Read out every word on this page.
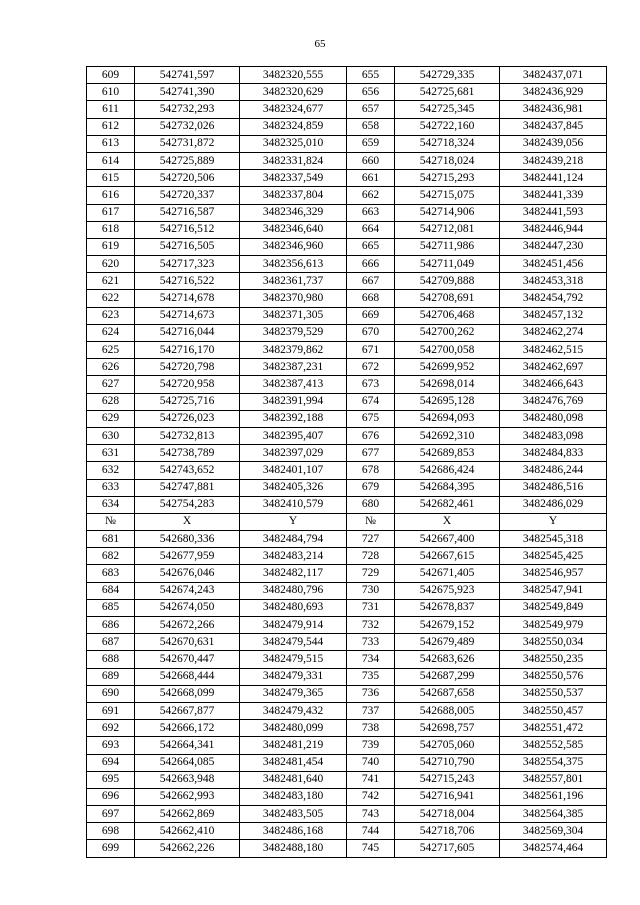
65
609	542741,597	3482320,555	655	542729,335	3482437,071
610	542741,390	3482320,629	656	542725,681	3482436,929
611	542732,293	3482324,677	657	542725,345	3482436,981
612	542732,026	3482324,859	658	542722,160	3482437,845
613	542731,872	3482325,010	659	542718,324	3482439,056
614	542725,889	3482331,824	660	542718,024	3482439,218
615	542720,506	3482337,549	661	542715,293	3482441,124
616	542720,337	3482337,804	662	542715,075	3482441,339
617	542716,587	3482346,329	663	542714,906	3482441,593
618	542716,512	3482346,640	664	542712,081	3482446,944
619	542716,505	3482346,960	665	542711,986	3482447,230
620	542717,323	3482356,613	666	542711,049	3482451,456
621	542716,522	3482361,737	667	542709,888	3482453,318
622	542714,678	3482370,980	668	542708,691	3482454,792
623	542714,673	3482371,305	669	542706,468	3482457,132
624	542716,044	3482379,529	670	542700,262	3482462,274
625	542716,170	3482379,862	671	542700,058	3482462,515
626	542720,798	3482387,231	672	542699,952	3482462,697
627	542720,958	3482387,413	673	542698,014	3482466,643
628	542725,716	3482391,994	674	542695,128	3482476,769
629	542726,023	3482392,188	675	542694,093	3482480,098
630	542732,813	3482395,407	676	542692,310	3482483,098
631	542738,789	3482397,029	677	542689,853	3482484,833
632	542743,652	3482401,107	678	542686,424	3482486,244
633	542747,881	3482405,326	679	542684,395	3482486,516
634	542754,283	3482410,579	680	542682,461	3482486,029
№	X	Y	№	X	Y
681	542680,336	3482484,794	727	542667,400	3482545,318
682	542677,959	3482483,214	728	542667,615	3482545,425
683	542676,046	3482482,117	729	542671,405	3482546,957
684	542674,243	3482480,796	730	542675,923	3482547,941
685	542674,050	3482480,693	731	542678,837	3482549,849
686	542672,266	3482479,914	732	542679,152	3482549,979
687	542670,631	3482479,544	733	542679,489	3482550,034
688	542670,447	3482479,515	734	542683,626	3482550,235
689	542668,444	3482479,331	735	542687,299	3482550,576
690	542668,099	3482479,365	736	542687,658	3482550,537
691	542667,877	3482479,432	737	542688,005	3482550,457
692	542666,172	3482480,099	738	542698,757	3482551,472
693	542664,341	3482481,219	739	542705,060	3482552,585
694	542664,085	3482481,454	740	542710,790	3482554,375
695	542663,948	3482481,640	741	542715,243	3482557,801
696	542662,993	3482483,180	742	542716,941	3482561,196
697	542662,869	3482483,505	743	542718,004	3482564,385
698	542662,410	3482486,168	744	542718,706	3482569,304
699	542662,226	3482488,180	745	542717,605	3482574,464
